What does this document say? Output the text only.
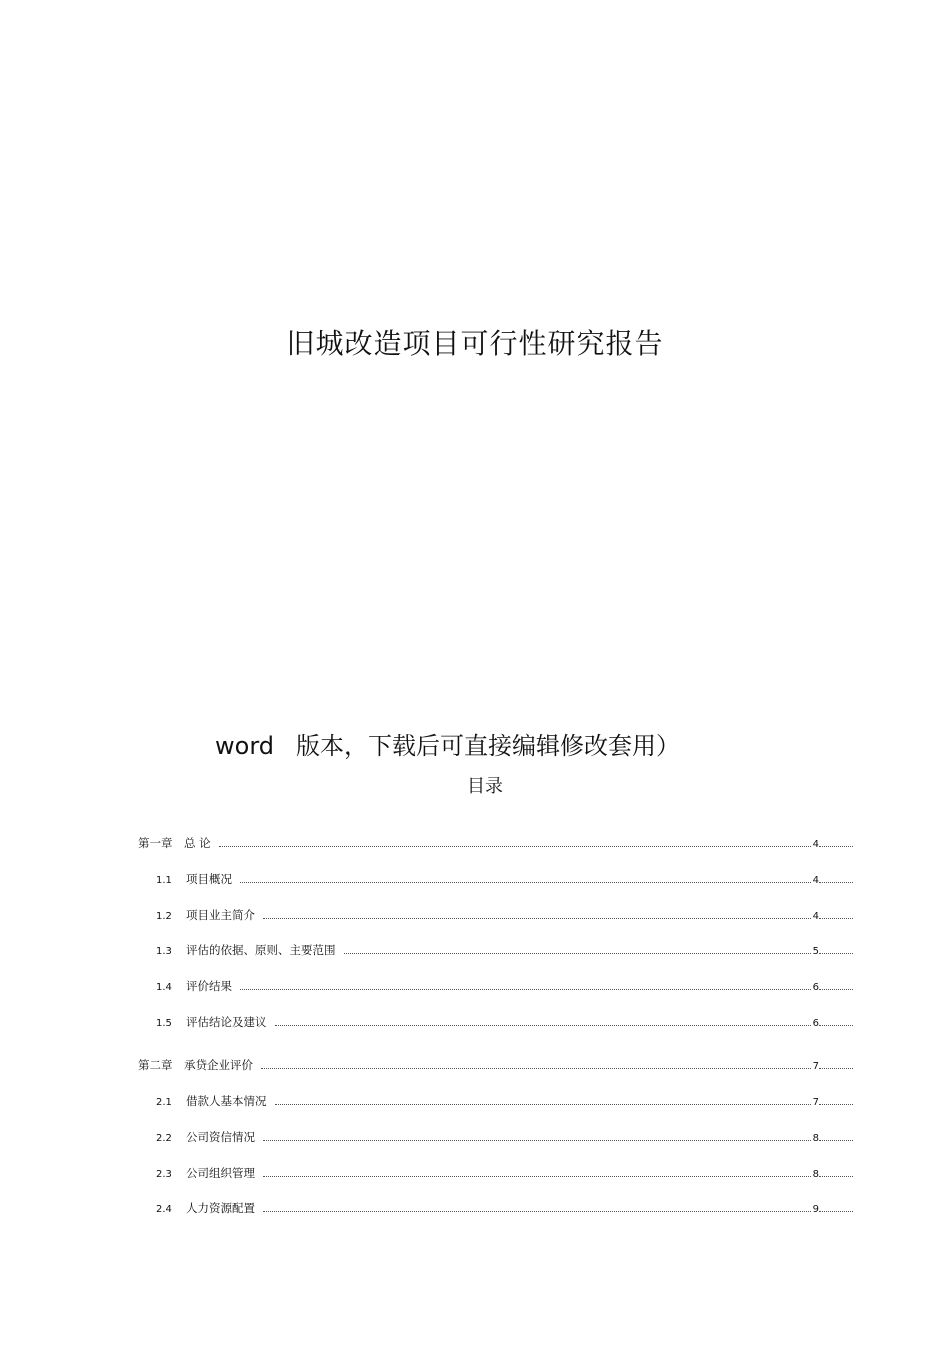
旧城改造项目可行性研究报告
word 版本，下载后可直接编辑修改套用）
目录
第一章	总 论	4
1.1	项目概况	4
1.2	项目业主简介	4
1.3	评估的依据、原则、主要范围	5
1.4	评价结果	6
1.5	评估结论及建议	6
第二章	承贷企业评价	7
2.1	借款人基本情况	7
2.2	公司资信情况	8
2.3	公司组织管理	8
2.4	人力资源配置	9
